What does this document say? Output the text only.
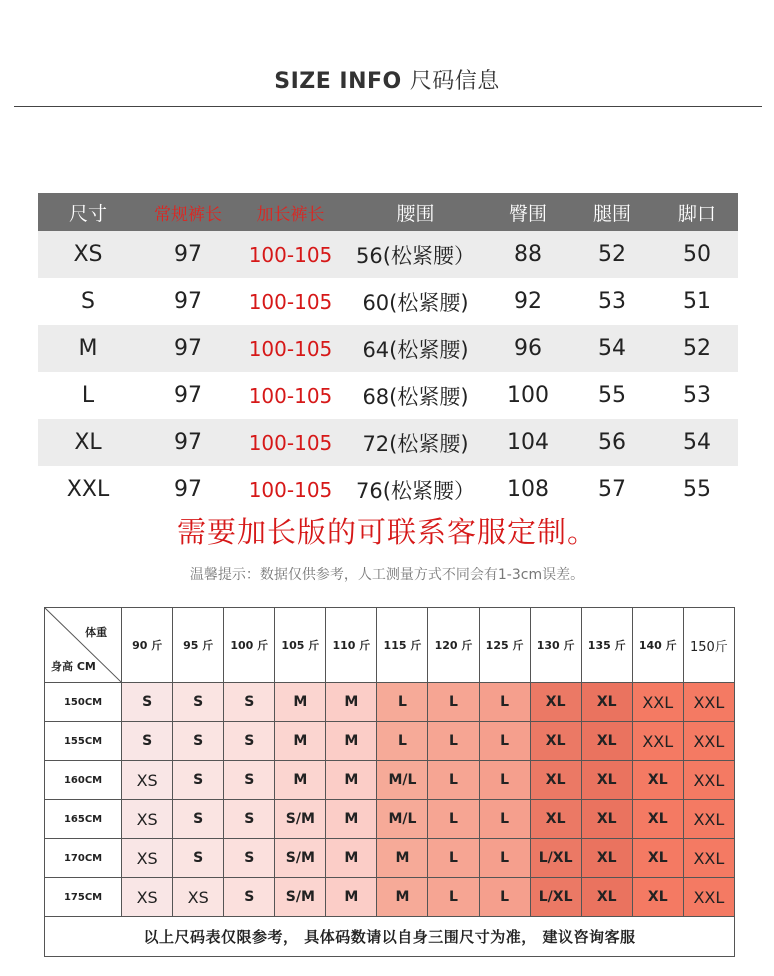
SIZE INFO 尺码信息
尺寸	常规裤长	加长裤长	腰围	臀围	腿围	脚口
XS	97	100-105	56(松紧腰）	88	52	50
S	97	100-105	60(松紧腰)	92	53	51
M	97	100-105	64(松紧腰)	96	54	52
L	97	100-105	68(松紧腰)	100	55	53
XL	97	100-105	72(松紧腰)	104	56	54
XXL	97	100-105	76(松紧腰）	108	57	55
需要加长版的可联系客服定制。
温馨提示：数据仅供参考，人工测量方式不同会有1-3cm误差。
体重
身高 CM	90 斤	95 斤	100 斤	105 斤	110 斤	115 斤	120 斤	125 斤	130 斤	135 斤	140 斤	150斤
150CM	S	S	S	M	M	L	L	L	XL	XL	XXL	XXL
155CM	S	S	S	M	M	L	L	L	XL	XL	XXL	XXL
160CM	XS	S	S	M	M	M/L	L	L	XL	XL	XL	XXL
165CM	XS	S	S	S/M	M	M/L	L	L	XL	XL	XL	XXL
170CM	XS	S	S	S/M	M	M	L	L	L/XL	XL	XL	XXL
175CM	XS	XS	S	S/M	M	M	L	L	L/XL	XL	XL	XXL
以上尺码表仅限参考， 具体码数请以自身三围尺寸为准， 建议咨询客服												
